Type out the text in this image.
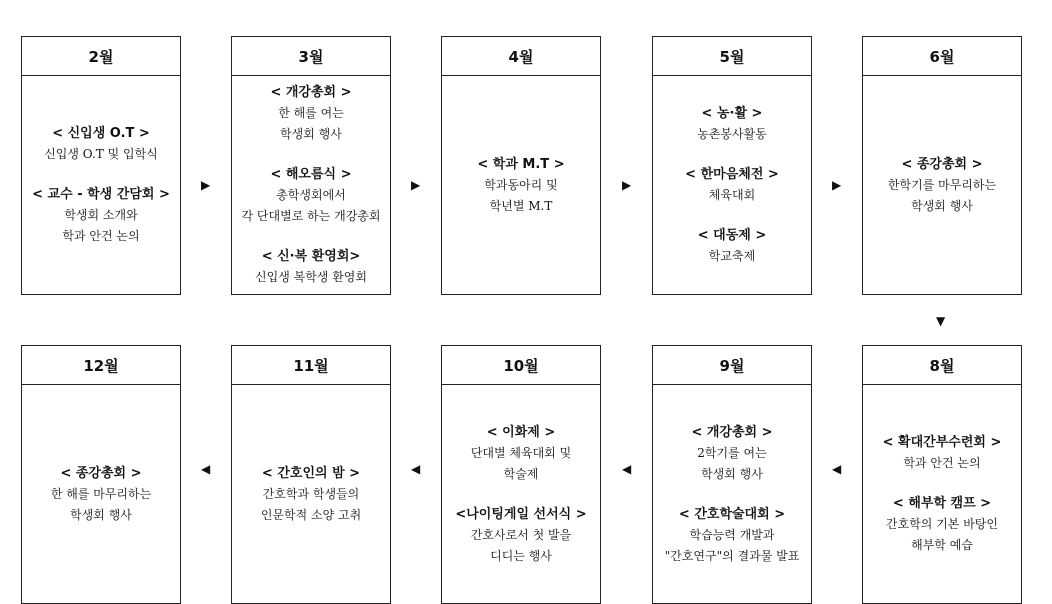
2월
< 신입생 O.T >
신입생 O.T 및 입학식
< 교수 - 학생 간담회 >
학생회 소개와
학과 안건 논의
3월
< 개강총회 >
한 해를 여는
학생회 행사
< 해오름식 >
총학생회에서
각 단대별로 하는 개강총회
< 신·복 환영회>
신입생 복학생 환영회
4월
< 학과 M.T >
학과동아리 및
학년별 M.T
5월
< 농·활 >
농촌봉사활동
< 한마음체전 >
체육대회
< 대동제 >
학교축제
6월
< 종강총회 >
한학기를 마무리하는
학생회 행사
12월
< 종강총회 >
한 해를 마무리하는
학생회 행사
11월
< 간호인의 밤 >
간호학과 학생들의
인문학적 소양 고취
10월
< 이화제 >
단대별 체육대회 및
학술제
<나이팅게일 선서식 >
간호사로서 첫 발을
디디는 행사
9월
< 개강총회 >
2학기를 여는
학생회 행사
< 간호학술대회 >
학습능력 개발과
"간호연구"의 결과물 발표
8월
< 확대간부수련회 >
학과 안건 논의
< 해부학 캠프 >
간호학의 기본 바탕인
해부학 예습
▶	▶	▶	▶
▼
◀
◀
◀
◀
